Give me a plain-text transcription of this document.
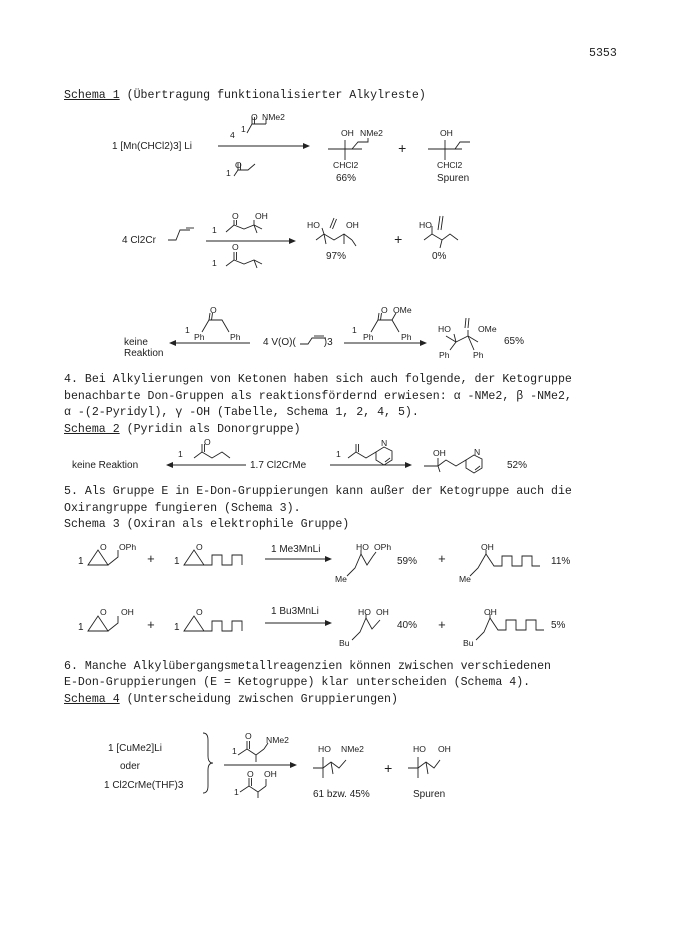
5353
Schema 1 (Übertragung funktionalisierter Alkylreste)
1 [Mn(CHCl2)3] Li
4
1
O NMe2
O
1
OH NMe2
CHCl2
66%
+
OH
CHCl2
Spuren
4 Cl2Cr
1
O OH
O
1
HO	OH
97%
+
HO
0%
keine
Reaktion
1
Ph
O
Ph 4 V(O)(	)3
1
Ph
O OMe
Ph
HO	OMe
Ph	Ph
65%
4. Bei Alkylierungen von Ketonen haben sich auch folgende, der Ketogruppe
benachbarte Don-Gruppen als reaktionsfördernd erwiesen: α -NMe2, β -NMe2,
α -(2-Pyridyl), γ -OH (Tabelle, Schema 1, 2, 4, 5).
Schema 2 (Pyridin als Donorgruppe)
keine Reaktion
1
O
1.7 Cl2CrMe
1
N
OH	N
52%
5. Als Gruppe E in E-Don-Gruppierungen kann außer der Ketogruppe auch die
Oxirangruppe fungieren (Schema 3).
Schema 3 (Oxiran als elektrophile Gruppe)
1
O OPh
+ 1
O	1 Me3MnLi	HO OPh
Me
59% +
OH
Me
11%
1
O OH
+ 1
O	1 Bu3MnLi	HO OH
Bu
40% +
OH
Bu
5%
6. Manche Alkylübergangsmetallreagenzien können zwischen verschiedenen
E-Don-Gruppierungen (E = Ketogruppe) klar unterscheiden (Schema 4).
Schema 4 (Unterscheidung zwischen Gruppierungen)
1 [CuMe2]Li
oder
1 Cl2CrMe(THF)3
1
O NMe2
1
O OH
HO NMe2
61 bzw. 45%
+
HO OH
Spuren
